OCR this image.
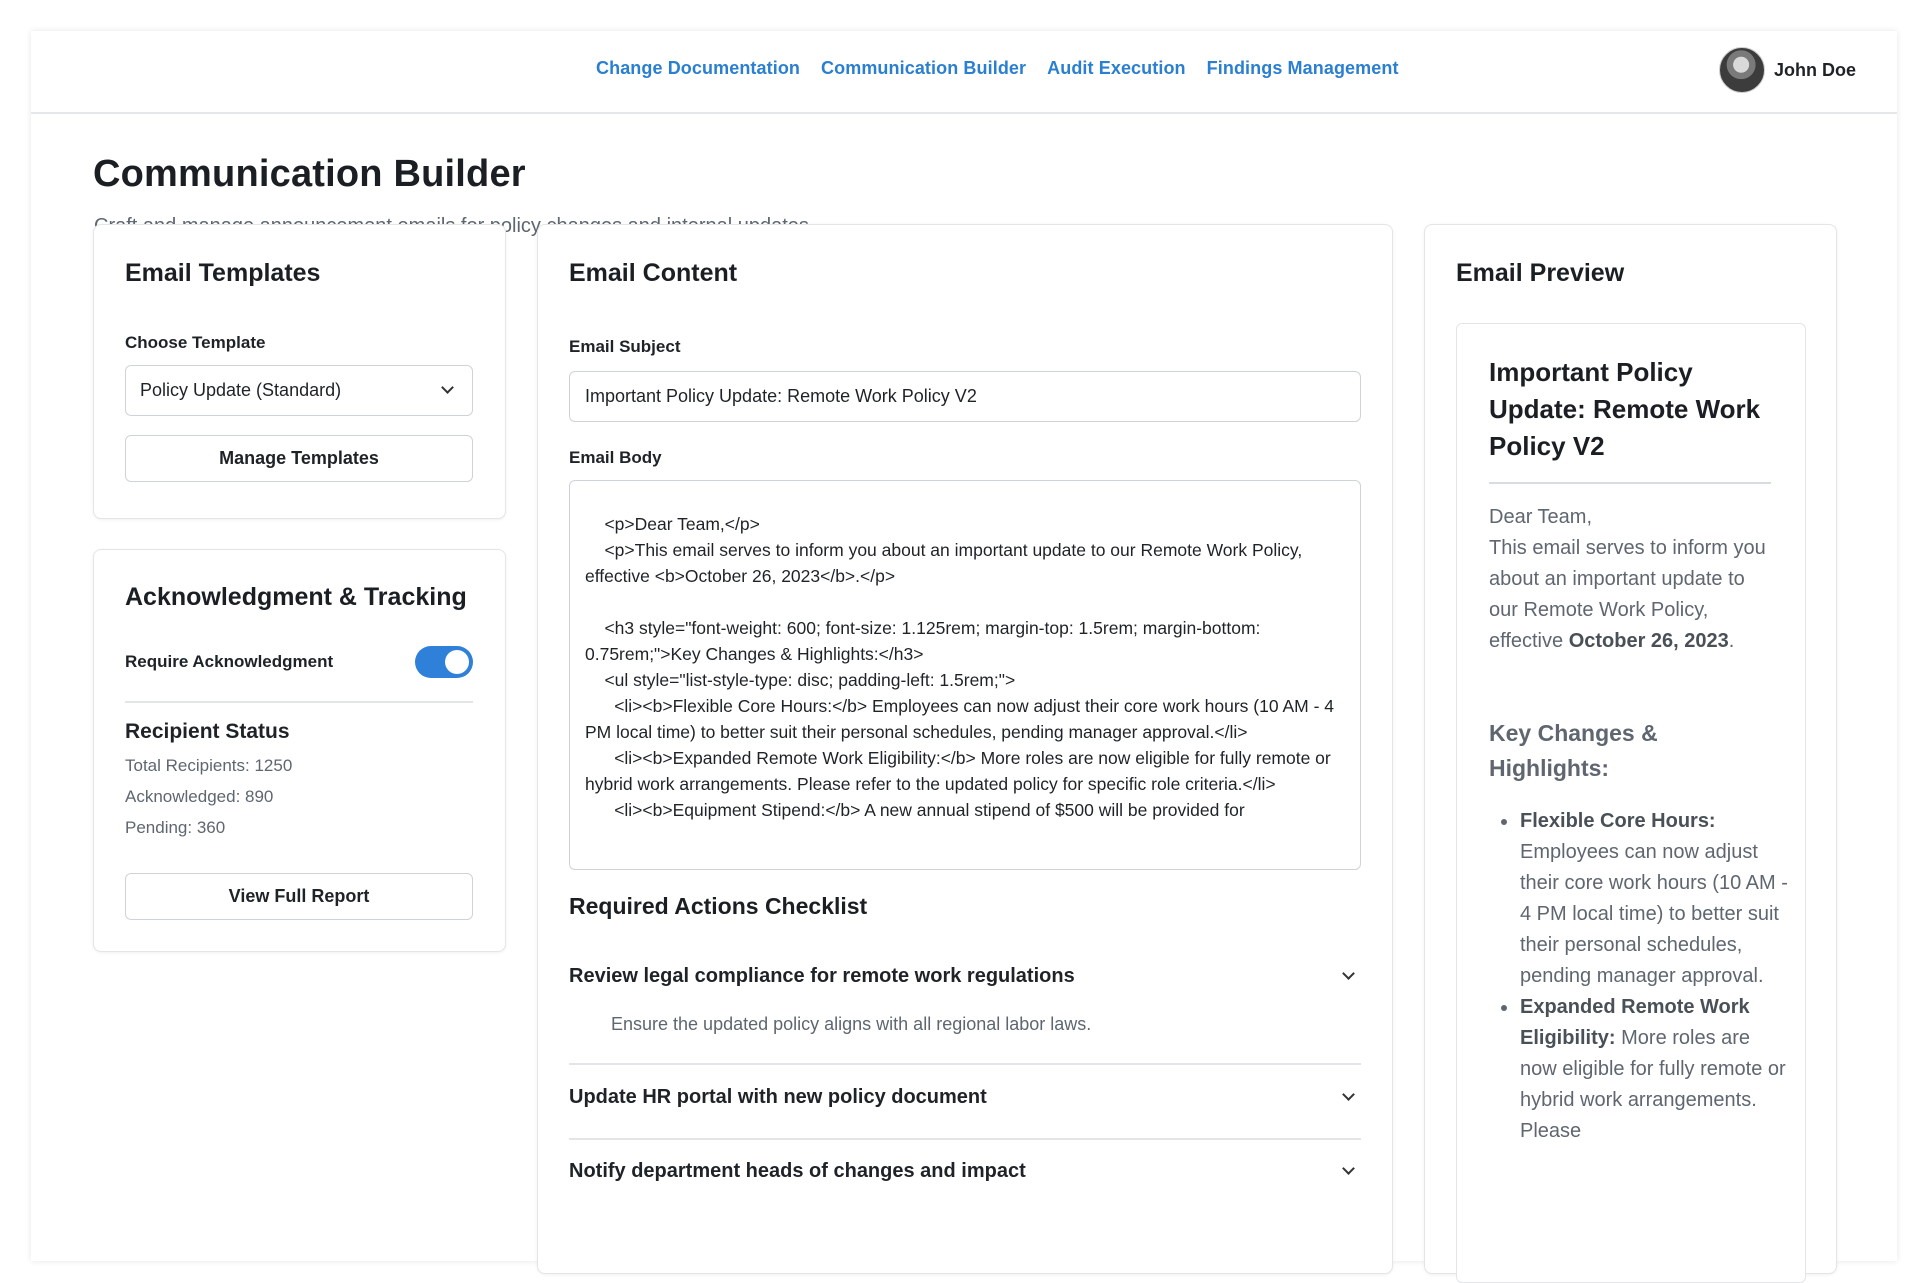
Change Documentation Communication Builder Audit Execution Findings Management	John Doe
Communication Builder
policy
Email Templates
Choose Template
Policy Update (Standard)
Manage Templates
Acknowledgment & Tracking
Require Acknowledgment
Recipient Status
Total Recipients: 1250
Acknowledged: 890
Pending: 360
View Full Report
Email Content
Email Subject
Important Policy Update: Remote Work Policy V2
Email Body
<p>Dear Team,</p>
<p>This email serves to inform you about an important update to our Remote Work Policy, effective <b>October 26, 2023</b>.</p>

<h3 style="font-weight: 600; font-size: 1.125rem; margin-top: 1.5rem; margin-bottom: 0.75rem;">Key Changes & Highlights:</h3>
<ul style="list-style-type: disc; padding-left: 1.5rem;">
<li><b>Flexible Core Hours:</b> Employees can now adjust their core work hours (10 AM - 4 PM local time) to better suit their personal schedules, pending manager approval.</li>
<li><b>Expanded Remote Work Eligibility:</b> More roles are now eligible for fully remote or hybrid work arrangements. Please refer to the updated policy for specific role criteria.</li>
<li><b>Equipment Stipend:</b> A new annual stipend of $500 will be provided for
Required Actions Checklist
Review legal compliance for remote work regulations
Ensure the updated policy aligns with all regional labor laws.
Update HR portal with new policy document
Notify department heads of changes and impact
Email Preview
Important Policy Update: Remote Work Policy V2
Dear Team,
This email serves to inform you about an important update to our Remote Work Policy, effective October 26, 2023.
Key Changes & Highlights:
Flexible Core Hours: Employees can now adjust their core work hours (10 AM - 4 PM local time) to better suit their personal schedules, pending manager approval.
Expanded Remote Work Eligibility: More roles are now eligible for fully remote or hybrid work arrangements. Please
